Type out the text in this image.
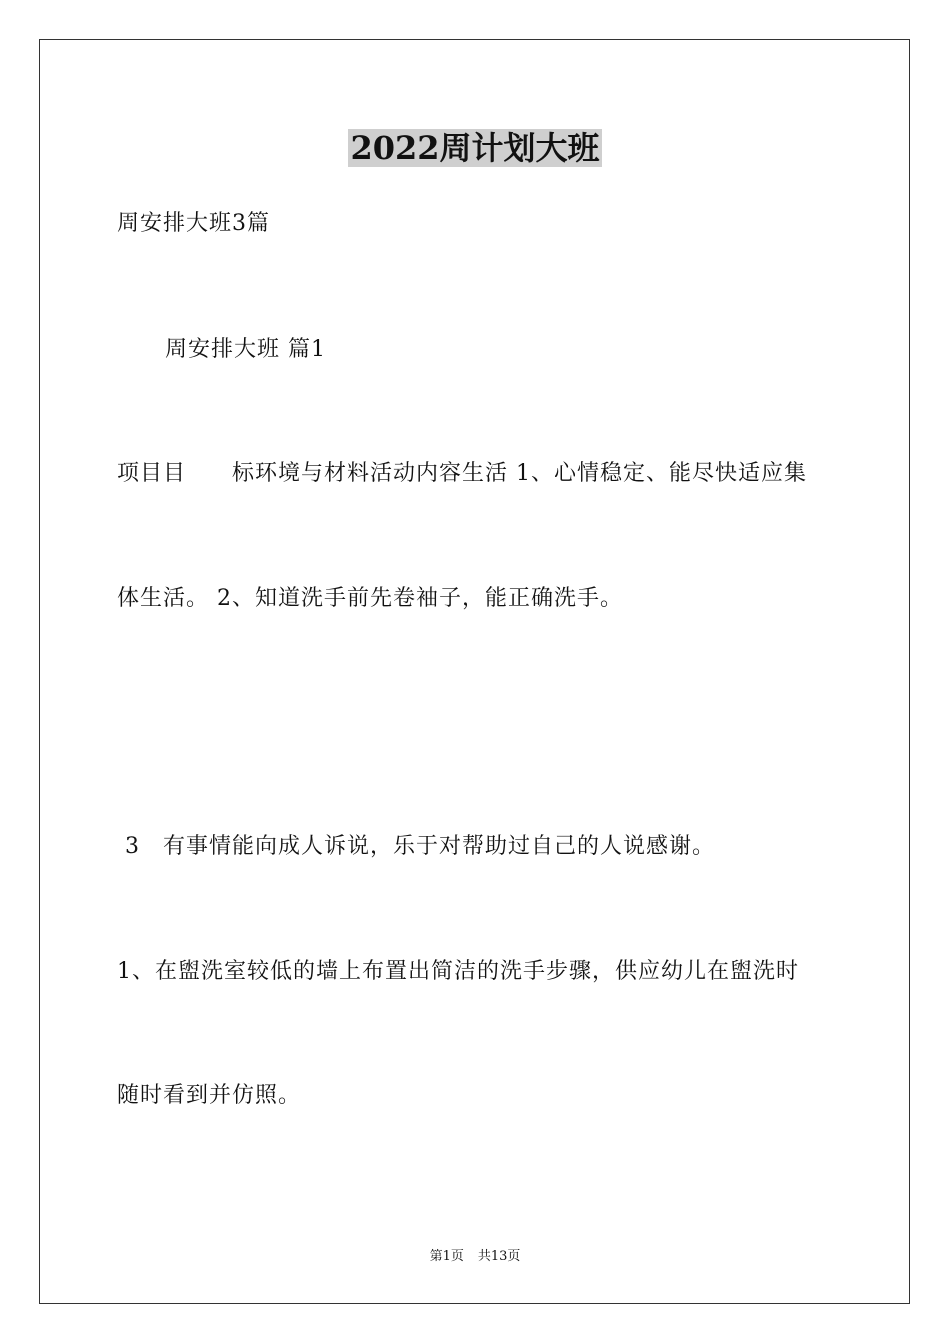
2022周计划大班
周安排大班3篇
周安排大班 篇1
项目目　　标环境与材料活动内容生活 1、心情稳定、能尽快适应集
体生活。 2、知道洗手前先卷袖子，能正确洗手。
3　有事情能向成人诉说，乐于对帮助过自己的人说感谢。
1、在盥洗室较低的墙上布置出简洁的洗手步骤，供应幼儿在盥洗时
随时看到并仿照。
第1页 共13页
